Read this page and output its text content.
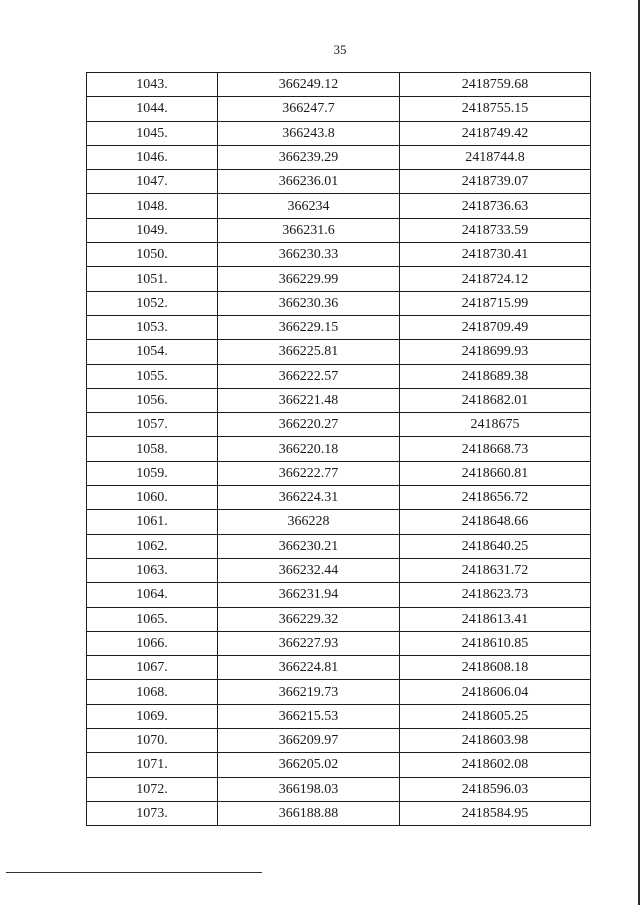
35
1043.	366249.12	2418759.68
1044.	366247.7	2418755.15
1045.	366243.8	2418749.42
1046.	366239.29	2418744.8
1047.	366236.01	2418739.07
1048.	366234	2418736.63
1049.	366231.6	2418733.59
1050.	366230.33	2418730.41
1051.	366229.99	2418724.12
1052.	366230.36	2418715.99
1053.	366229.15	2418709.49
1054.	366225.81	2418699.93
1055.	366222.57	2418689.38
1056.	366221.48	2418682.01
1057.	366220.27	2418675
1058.	366220.18	2418668.73
1059.	366222.77	2418660.81
1060.	366224.31	2418656.72
1061.	366228	2418648.66
1062.	366230.21	2418640.25
1063.	366232.44	2418631.72
1064.	366231.94	2418623.73
1065.	366229.32	2418613.41
1066.	366227.93	2418610.85
1067.	366224.81	2418608.18
1068.	366219.73	2418606.04
1069.	366215.53	2418605.25
1070.	366209.97	2418603.98
1071.	366205.02	2418602.08
1072.	366198.03	2418596.03
1073.	366188.88	2418584.95
